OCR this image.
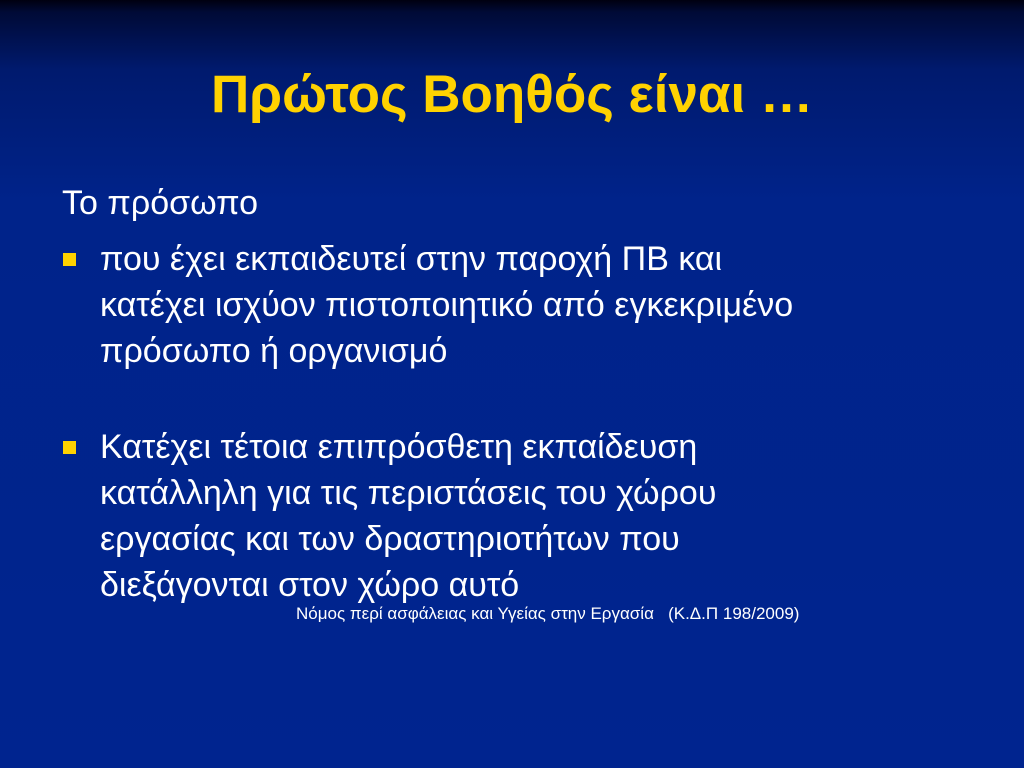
Πρώτος Βοηθός είναι …
Το πρόσωπο
που έχει εκπαιδευτεί στην παροχή ΠΒ και
κατέχει ισχύον πιστοποιητικό από εγκεκριμένο
πρόσωπο ή οργανισμό
Κατέχει τέτοια επιπρόσθετη εκπαίδευση
κατάλληλη για τις περιστάσεις του χώρου
εργασίας και των δραστηριοτήτων που
διεξάγονται στον χώρο αυτό
Νόμος περί ασφάλειας και Υγείας στην Εργασία   (Κ.Δ.Π 198/2009)
